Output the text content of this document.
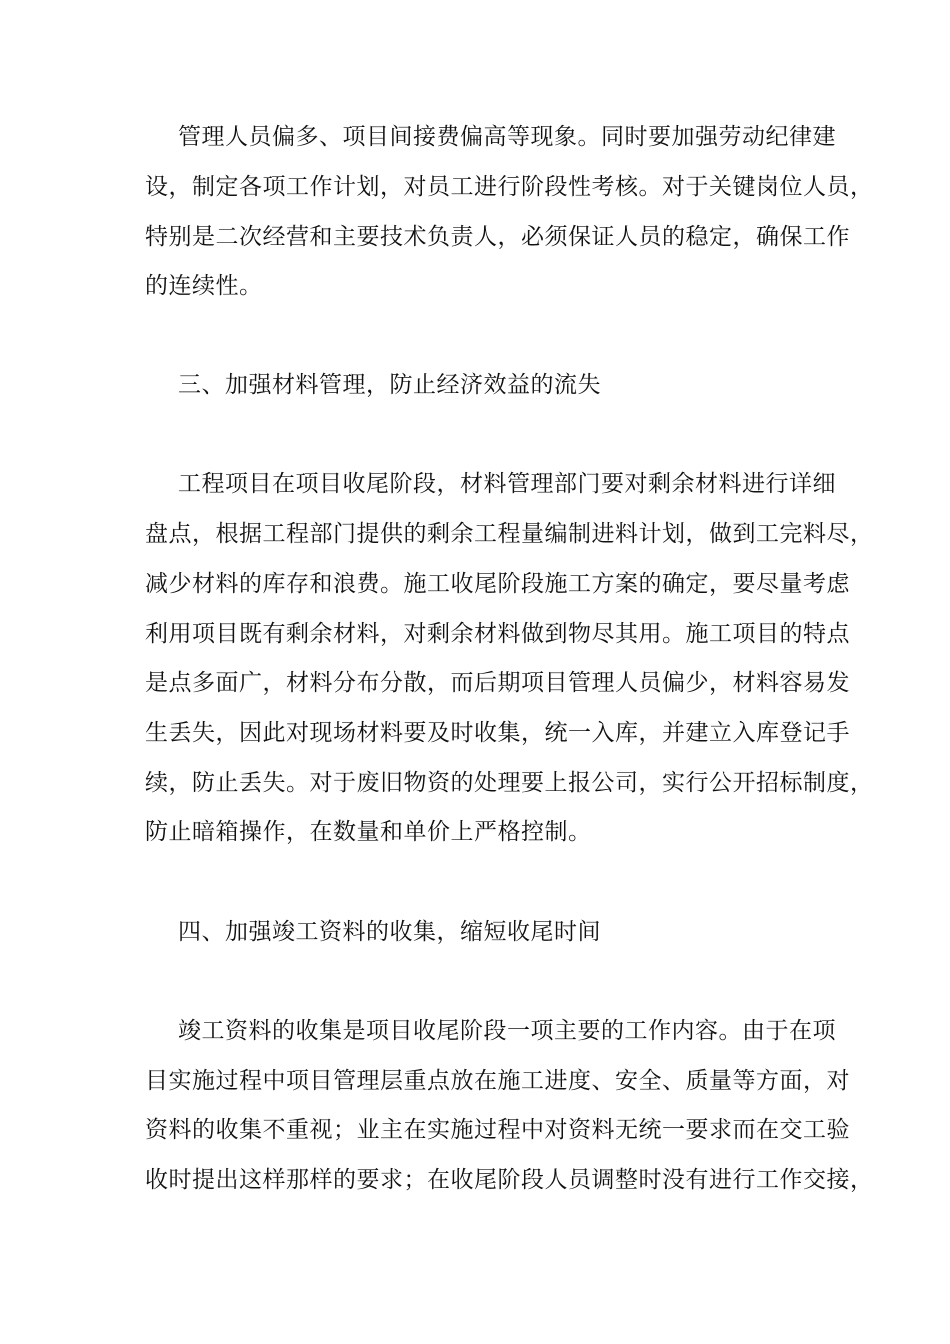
管理人员偏多、项目间接费偏高等现象。同时要加强劳动纪律建
设，制定各项工作计划，对员工进行阶段性考核。对于关键岗位人员，
特别是二次经营和主要技术负责人，必须保证人员的稳定，确保工作
的连续性。
三、加强材料管理，防止经济效益的流失
工程项目在项目收尾阶段，材料管理部门要对剩余材料进行详细
盘点，根据工程部门提供的剩余工程量编制进料计划，做到工完料尽，
减少材料的库存和浪费。施工收尾阶段施工方案的确定，要尽量考虑
利用项目既有剩余材料，对剩余材料做到物尽其用。施工项目的特点
是点多面广，材料分布分散，而后期项目管理人员偏少，材料容易发
生丢失，因此对现场材料要及时收集，统一入库，并建立入库登记手
续，防止丢失。对于废旧物资的处理要上报公司，实行公开招标制度，
防止暗箱操作，在数量和单价上严格控制。
四、加强竣工资料的收集，缩短收尾时间
竣工资料的收集是项目收尾阶段一项主要的工作内容。由于在项
目实施过程中项目管理层重点放在施工进度、安全、质量等方面，对
资料的收集不重视；业主在实施过程中对资料无统一要求而在交工验
收时提出这样那样的要求；在收尾阶段人员调整时没有进行工作交接，
